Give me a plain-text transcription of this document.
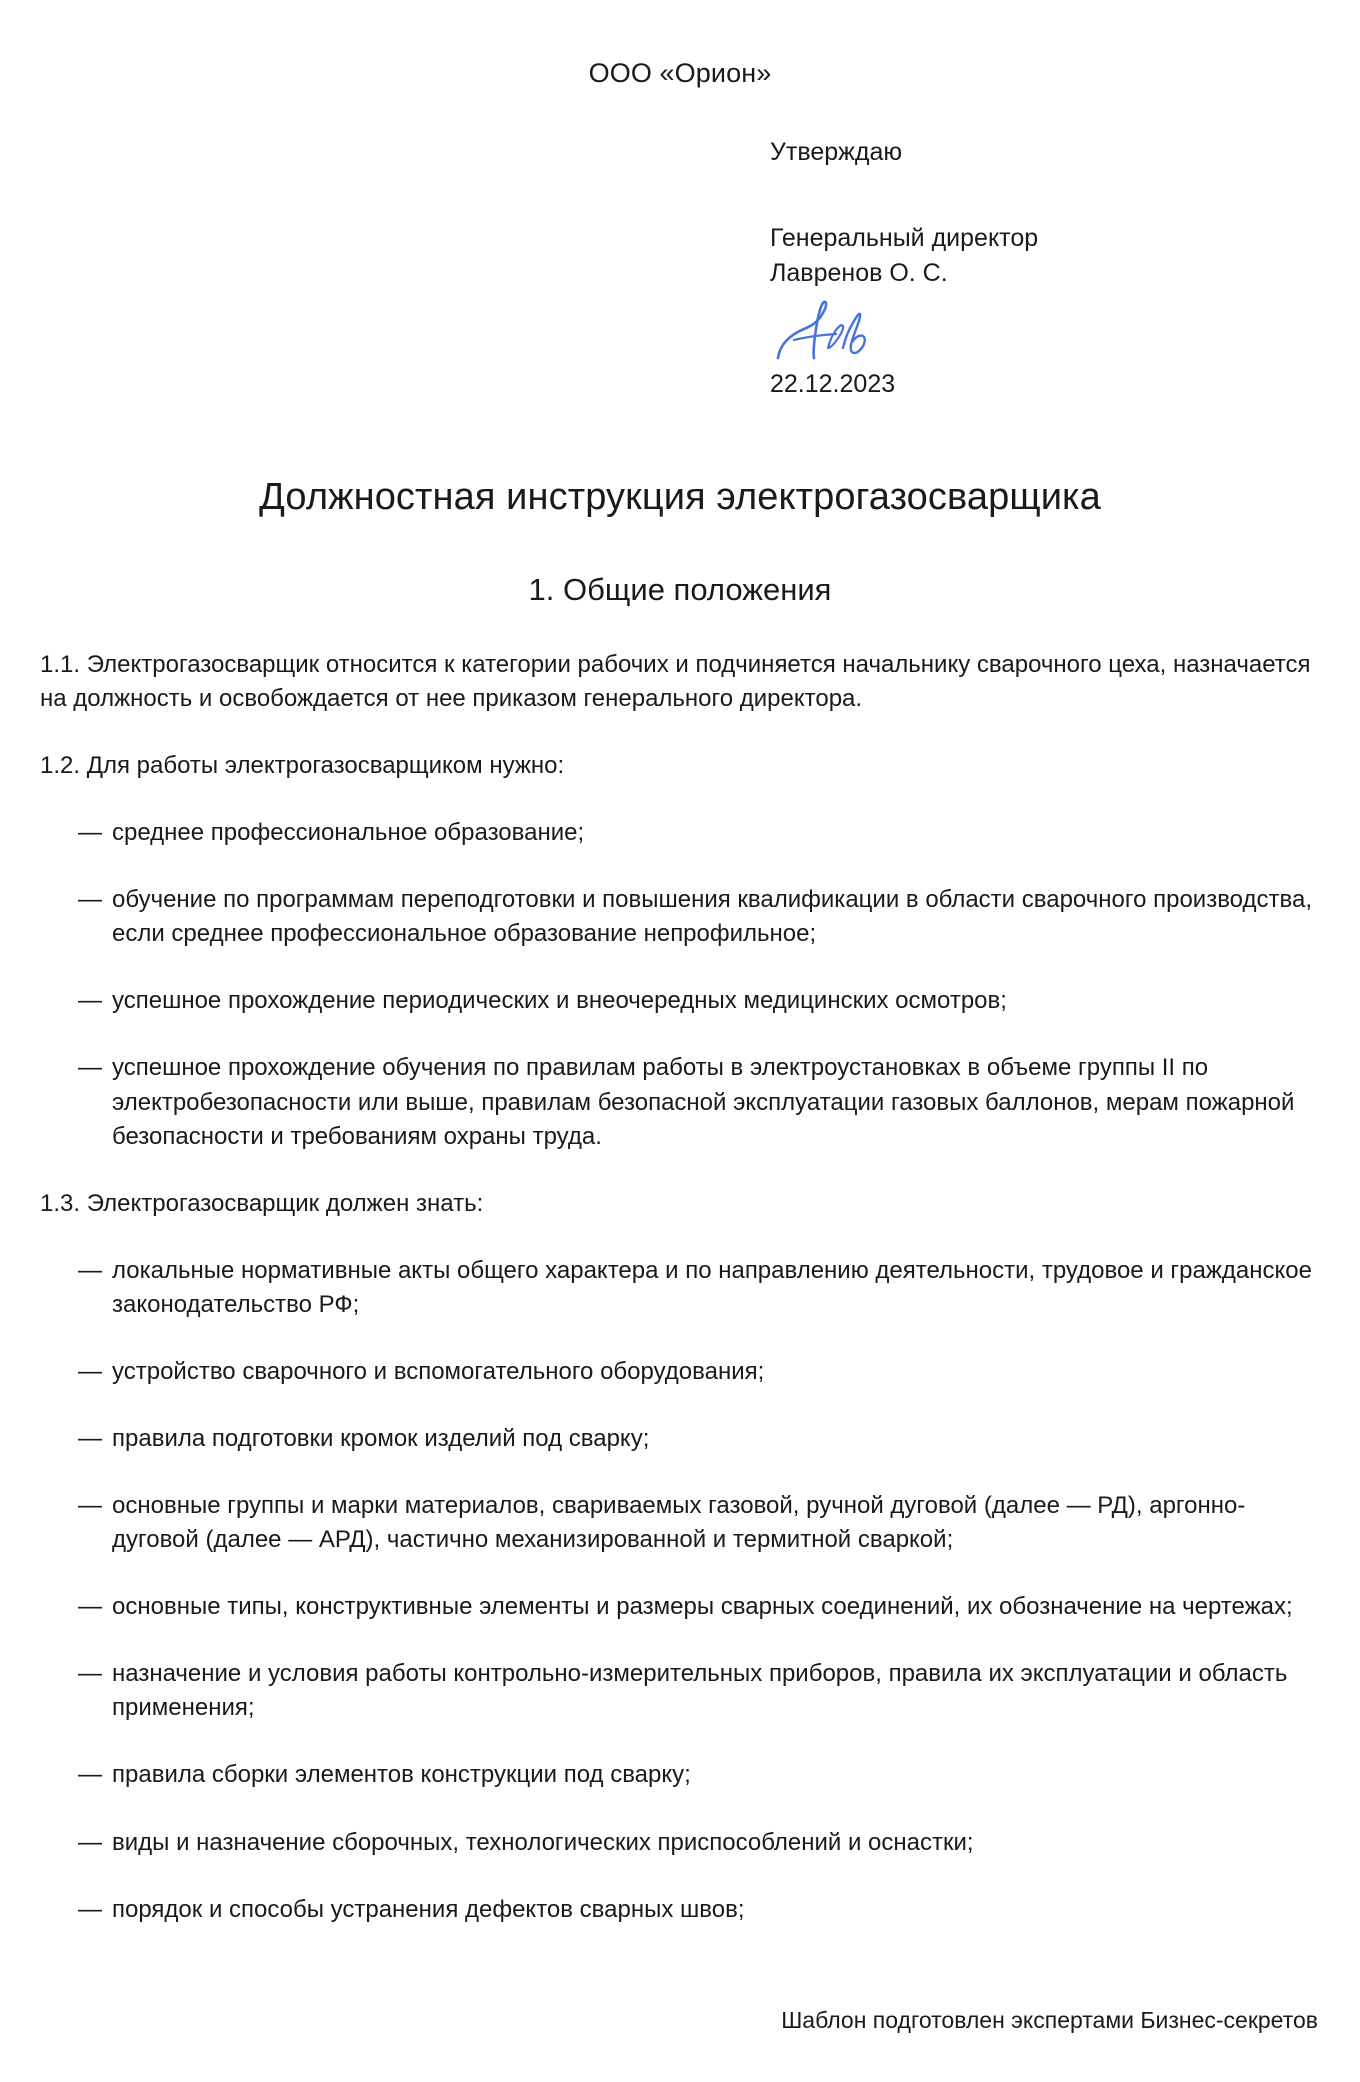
ООО «Орион»
Утверждаю
Генеральный директор
Лавренов О. С.
22.12.2023
Должностная инструкция электрогазосварщика
1. Общие положения

1.1. Электрогазосварщик относится к категории рабочих и подчиняется начальнику сварочного цеха, назначается на должность и освобождается от нее приказом генерального директора.

1.2. Для работы электрогазосварщиком нужно:

— среднее профессиональное образование;
— обучение по программам переподготовки и повышения квалификации в области сварочного производства, если среднее профессиональное образование непрофильное;
— успешное прохождение периодических и внеочередных медицинских осмотров;
— успешное прохождение обучения по правилам работы в электроустановках в объеме группы II по электробезопасности или выше, правилам безопасной эксплуатации газовых баллонов, мерам пожарной безопасности и требованиям охраны труда.

1.3. Электрогазосварщик должен знать:

— локальные нормативные акты общего характера и по направлению деятельности, трудовое и гражданское законодательство РФ;
— устройство сварочного и вспомогательного оборудования;
— правила подготовки кромок изделий под сварку;
— основные группы и марки материалов, свариваемых газовой, ручной дуговой (далее — РД), аргонно-дуговой (далее — АРД), частично механизированной и термитной сваркой;
— основные типы, конструктивные элементы и размеры сварных соединений, их обозначение на чертежах;
— назначение и условия работы контрольно-измерительных приборов, правила их эксплуатации и область применения;
— правила сборки элементов конструкции под сварку;
— виды и назначение сборочных, технологических приспособлений и оснастки;
— порядок и способы устранения дефектов сварных швов;
Шаблон подготовлен экспертами Бизнес-секретов
